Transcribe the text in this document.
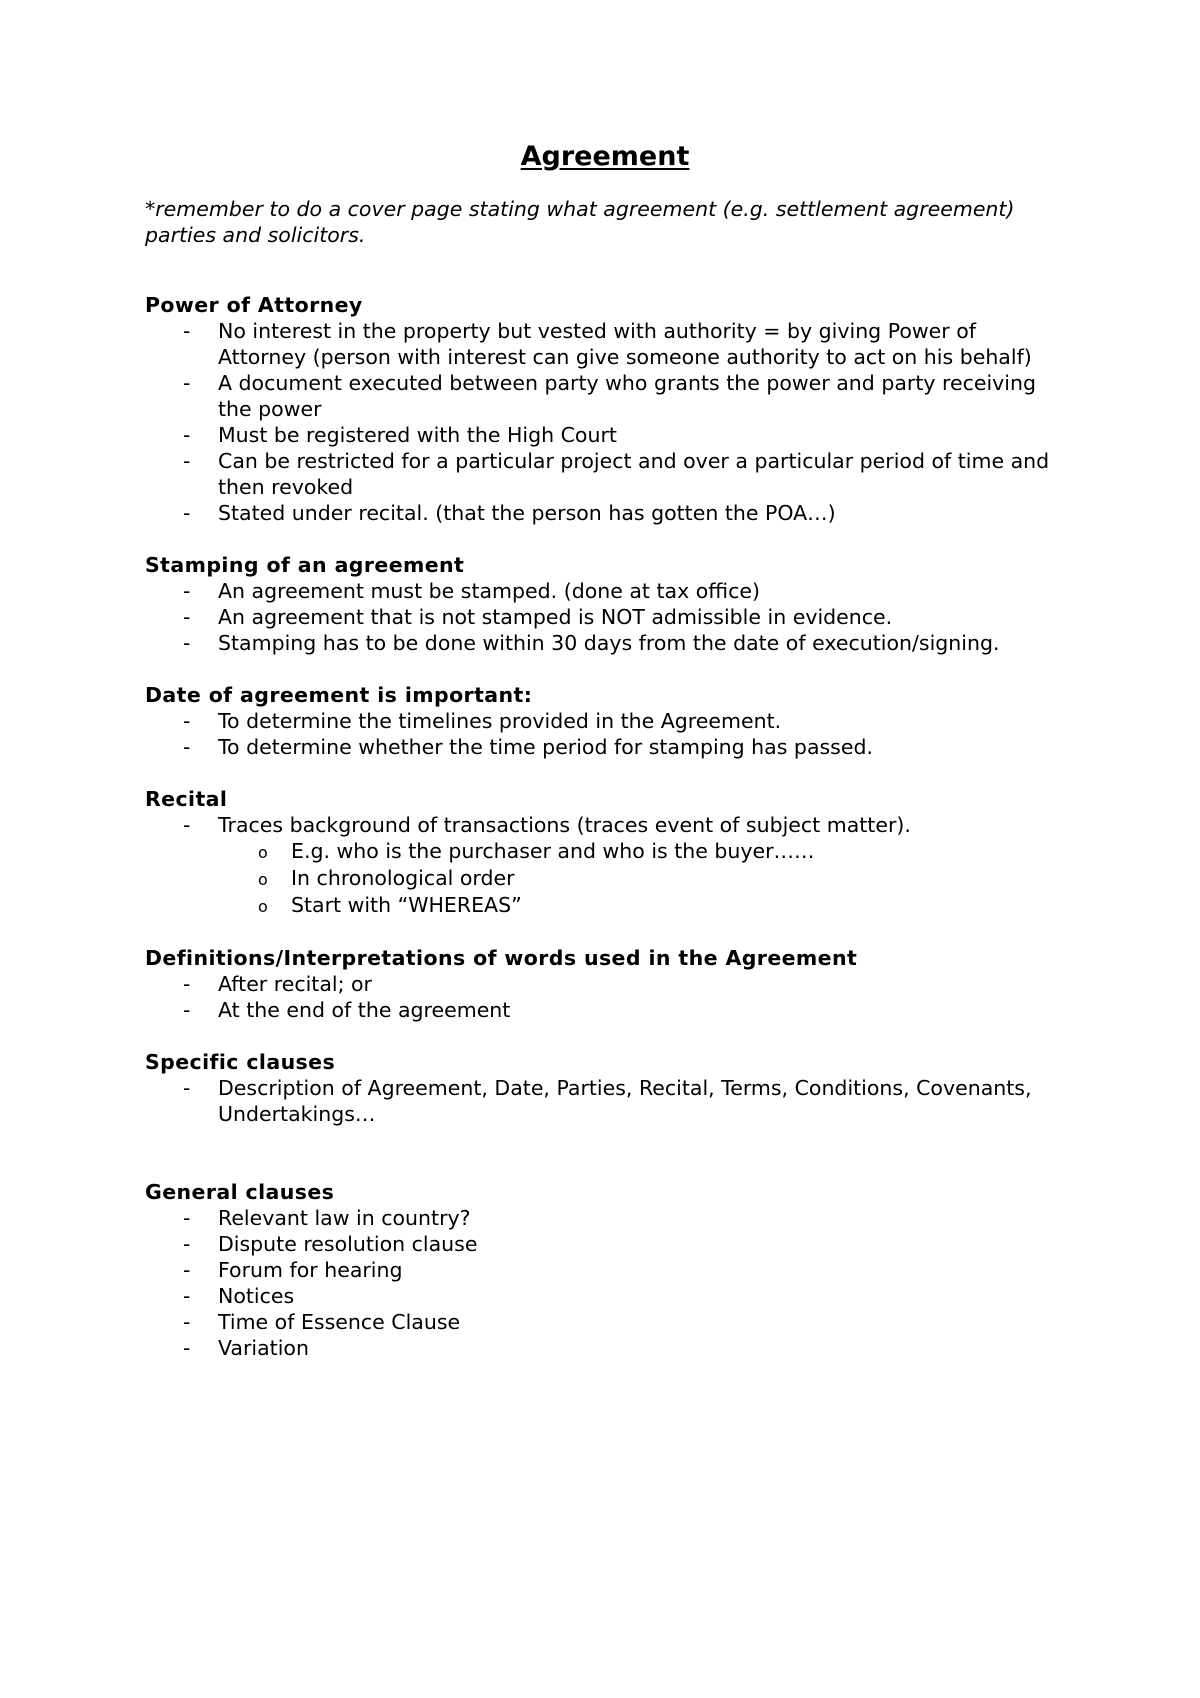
Agreement

*remember to do a cover page stating what agreement (e.g. settlement agreement) parties and solicitors.

Power of Attorney
- No interest in the property but vested with authority = by giving Power of Attorney (person with interest can give someone authority to act on his behalf)
- A document executed between party who grants the power and party receiving the power
- Must be registered with the High Court
- Can be restricted for a particular project and over a particular period of time and then revoked
- Stated under recital. (that the person has gotten the POA…)
Stamping of an agreement
- An agreement must be stamped. (done at tax office)
- An agreement that is not stamped is NOT admissible in evidence.
- Stamping has to be done within 30 days from the date of execution/signing.
Date of agreement is important:
- To determine the timelines provided in the Agreement.
- To determine whether the time period for stamping has passed.
Recital
- Traces background of transactions (traces event of subject matter).
o E.g. who is the purchaser and who is the buyer……
o In chronological order
o Start with “WHEREAS”
Definitions/Interpretations of words used in the Agreement
- After recital; or
- At the end of the agreement
Specific clauses
- Description of Agreement, Date, Parties, Recital, Terms, Conditions, Covenants, Undertakings…
General clauses
- Relevant law in country?
- Dispute resolution clause
- Forum for hearing
- Notices
- Time of Essence Clause
- Variation
